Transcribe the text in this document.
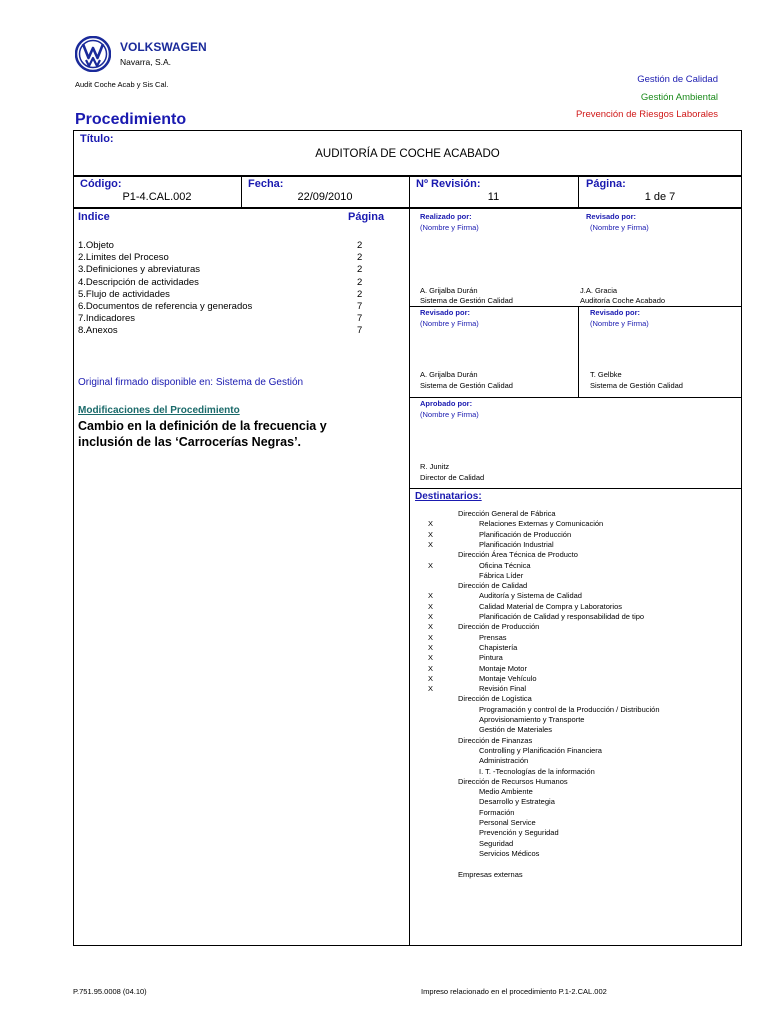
VOLKSWAGEN
Navarra, S.A.
Audit Coche Acab y Sis Cal.	Gestión de Calidad
Gestión Ambiental
Prevención de Riesgos Laborales
Procedimiento
Título:
AUDITORÍA DE COCHE ACABADO
Código:
P1-4.CAL.002
Fecha:
22/09/2010
Nº Revisión:
11
Página:
1 de 7
Indice	Página
1.Objeto	2
2.Limites del Proceso	2
3.Definiciones y abreviaturas	2
4.Descripción de actividades	2
5.Flujo de actividades	2
6.Documentos de referencia y generados	7
7.Indicadores	7
8.Anexos	7
Original firmado disponible en: Sistema de Gestión
Modificaciones del Procedimiento
Cambio en la definición de la frecuencia y inclusión de las ‘Carrocerías Negras’.
Realizado por:
(Nombre y Firma)
Revisado por:
(Nombre y Firma)
A. Grijalba Durán
Sistema de Gestión Calidad
J.A. Gracia
Auditoría Coche Acabado
Revisado por:
(Nombre y Firma)
Revisado por:
(Nombre y Firma)
A. Grijalba Durán
Sistema de Gestión Calidad
T. Gelbke
Sistema de Gestión Calidad
Aprobado por:
(Nombre y Firma)
R. Junitz
Director de Calidad
Destinatarios:
Dirección General de Fábrica
X	Relaciones Externas y Comunicación
X	Planificación de Producción
X	Planificación Industrial
Dirección Área Técnica de Producto
X	Oficina Técnica
Fábrica Líder
Dirección de Calidad
X	Auditoría y Sistema de Calidad
X	Calidad Material de Compra y Laboratorios
X	Planificación de Calidad y responsabilidad de tipo
X	Dirección de Producción
X	Prensas
X	Chapistería
X	Pintura
X	Montaje Motor
X	Montaje Vehículo
X	Revisión Final
Dirección de Logística
Programación y control de la Producción / Distribución
Aprovisionamiento y Transporte
Gestión de Materiales
Dirección de Finanzas
Controlling y Planificación Financiera
Administración
I. T. -Tecnologías de la información
Dirección de Recursos Humanos
Medio Ambiente
Desarrollo y Estrategia
Formación
Personal Service
Prevención y Seguridad
Seguridad
Servicios Médicos
Empresas externas
P.751.95.0008 (04.10)	Impreso relacionado en el procedimiento P.1-2.CAL.002
